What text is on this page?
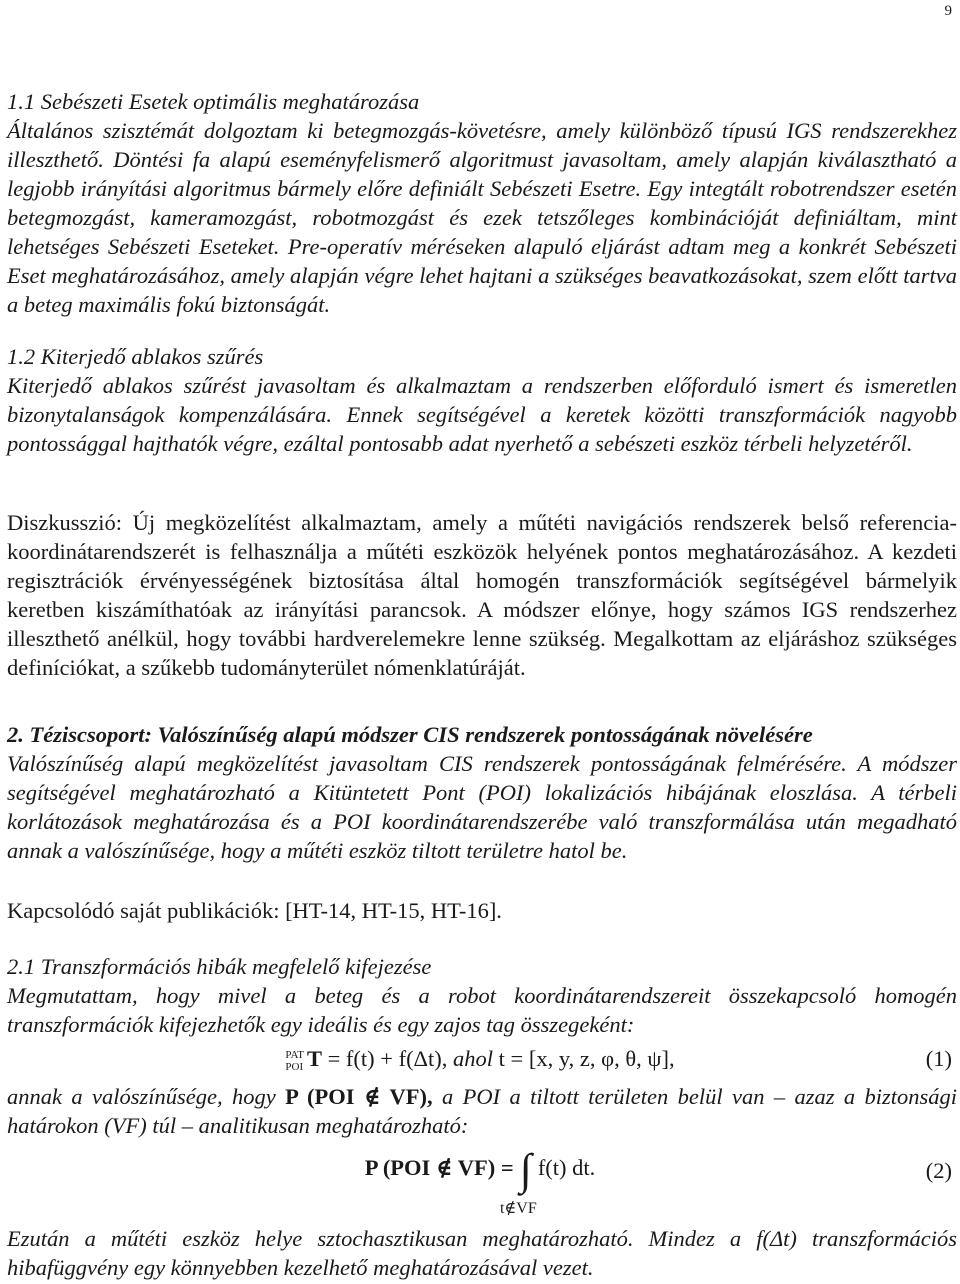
9

1.1 Sebészeti Esetek optimális meghatározása

Általános szisztémát dolgoztam ki betegmozgás-követésre, amely különböző típusú IGS rendszerekhez illeszthető. Döntési fa alapú eseményfelismerő algoritmust javasoltam, amely alapján kiválasztható a legjobb irányítási algoritmus bármely előre definiált Sebészeti Esetre. Egy integtált robotrendszer esetén betegmozgást, kameramozgást, robotmozgást és ezek tetszőleges kombinációját definiáltam, mint lehetséges Sebészeti Eseteket. Pre-operatív méréseken alapuló eljárást adtam meg a konkrét Sebészeti Eset meghatározásához, amely alapján végre lehet hajtani a szükséges beavatkozásokat, szem előtt tartva a beteg maximális fokú biztonságát.

1.2 Kiterjedő ablakos szűrés

Kiterjedő ablakos szűrést javasoltam és alkalmaztam a rendszerben előforduló ismert és ismeretlen bizonytalanságok kompenzálására. Ennek segítségével a keretek közötti transzformációk nagyobb pontossággal hajthatók végre, ezáltal pontosabb adat nyerhető a sebészeti eszköz térbeli helyzetéről.

Diszkusszió: Új megközelítést alkalmaztam, amely a műtéti navigációs rendszerek belső referencia-koordinátarendszerét is felhasználja a műtéti eszközök helyének pontos meghatározásához. A kezdeti regisztrációk érvényességének biztosítása által homogén transzformációk segítségével bármelyik keretben kiszámíthatóak az irányítási parancsok. A módszer előnye, hogy számos IGS rendszerhez illeszthető anélkül, hogy további hardverelemekre lenne szükség. Megalkottam az eljáráshoz szükséges definíciókat, a szűkebb tudományterület nómenklatúráját.

2. Téziscsoport: Valószínűség alapú módszer CIS rendszerek pontosságának növelésére

Valószínűség alapú megközelítést javasoltam CIS rendszerek pontosságának felmérésére. A módszer segítségével meghatározható a Kitüntetett Pont (POI) lokalizációs hibájának eloszlása. A térbeli korlátozások meghatározása és a POI koordinátarendszerébe való transzformálása után megadható annak a valószínűsége, hogy a műtéti eszköz tiltott területre hatol be.

Kapcsolódó saját publikációk: [HT-14, HT-15, HT-16].

2.1 Transzformációs hibák megfelelő kifejezése

Megmutattam, hogy mivel a beteg és a robot koordinátarendszereit összekapcsoló homogén transzformációk kifejezhetők egy ideális és egy zajos tag összegeként:

PAT
POI T = f(t) + f(Δt), ahol t = [x, y, z, φ, θ, ψ],	(1)

annak a valószínűsége, hogy P (POI ∉ VF), a POI a tiltott területen belül van – azaz a biztonsági határokon (VF) túl – analitikusan meghatározható:

P (POI ∉ VF) = ∫ f(t) dt.	(2)
t∉VF

Ezután a műtéti eszköz helye sztochasztikusan meghatározható. Mindez a f(Δt) transzformációs hibafüggvény egy könnyebben kezelhető meghatározásával vezet.
